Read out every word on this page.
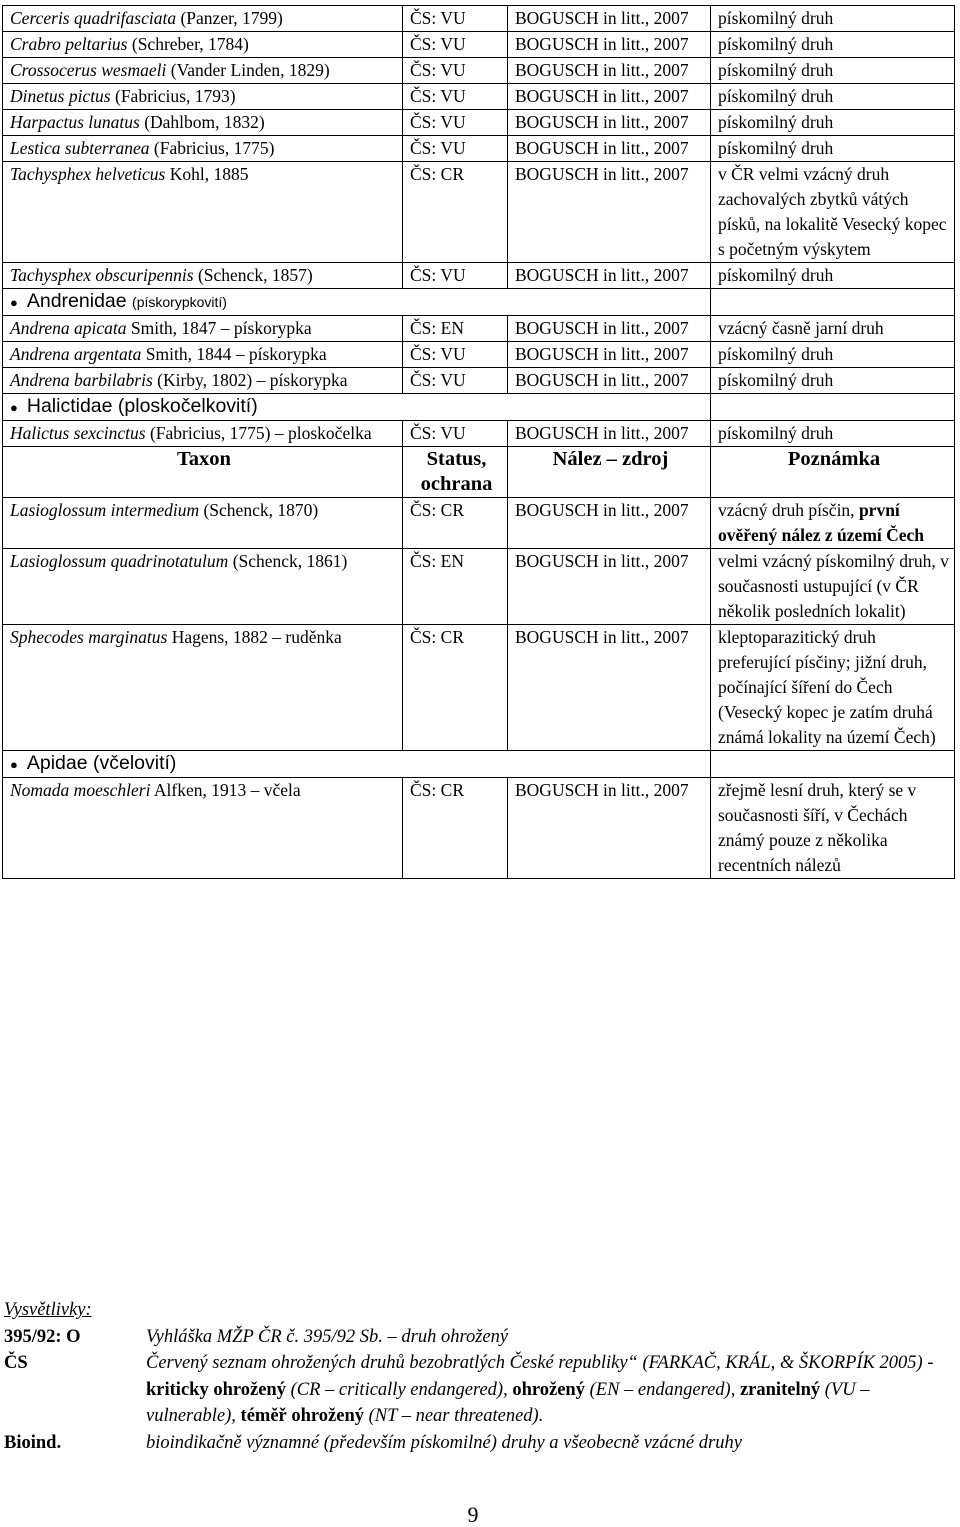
Cerceris quadrifasciata (Panzer, 1799)	ČS: VU	BOGUSCH in litt., 2007	pískomilný druh
Crabro peltarius (Schreber, 1784)	ČS: VU	BOGUSCH in litt., 2007	pískomilný druh
Crossocerus wesmaeli (Vander Linden, 1829)	ČS: VU	BOGUSCH in litt., 2007	pískomilný druh
Dinetus pictus (Fabricius, 1793)	ČS: VU	BOGUSCH in litt., 2007	pískomilný druh
Harpactus lunatus (Dahlbom, 1832)	ČS: VU	BOGUSCH in litt., 2007	pískomilný druh
Lestica subterranea (Fabricius, 1775)	ČS: VU	BOGUSCH in litt., 2007	pískomilný druh
Tachysphex helveticus Kohl, 1885	ČS: CR	BOGUSCH in litt., 2007	v ČR velmi vzácný druh zachovalých zbytků vátých písků, na lokalitě Vesecký kopec s početným výskytem
Tachysphex obscuripennis (Schenck, 1857)	ČS: VU	BOGUSCH in litt., 2007	pískomilný druh
● Andrenidae (pískorypkovití)			
Andrena apicata Smith, 1847 – pískorypka	ČS: EN	BOGUSCH in litt., 2007	vzácný časně jarní druh
Andrena argentata Smith, 1844 – pískorypka	ČS: VU	BOGUSCH in litt., 2007	pískomilný druh
Andrena barbilabris (Kirby, 1802) – pískorypka	ČS: VU	BOGUSCH in litt., 2007	pískomilný druh
● Halictidae (ploskočelkovití)			
Halictus sexcinctus (Fabricius, 1775) – ploskočelka	ČS: VU	BOGUSCH in litt., 2007	pískomilný druh
Taxon	Status, ochrana	Nález – zdroj	Poznámka
Lasioglossum intermedium (Schenck, 1870)	ČS: CR	BOGUSCH in litt., 2007	vzácný druh písčin, první ověřený nález z území Čech
Lasioglossum quadrinotatulum (Schenck, 1861)	ČS: EN	BOGUSCH in litt., 2007	velmi vzácný pískomilný druh, v současnosti ustupující (v ČR několik posledních lokalit)
Sphecodes marginatus Hagens, 1882 – ruděnka	ČS: CR	BOGUSCH in litt., 2007	kleptoparazitický druh preferující písčiny; jižní druh, počínající šíření do Čech (Vesecký kopec je zatím druhá známá lokality na území Čech)
● Apidae (včelovití)			
Nomada moeschleri Alfken, 1913 – včela	ČS: CR	BOGUSCH in litt., 2007	zřejmě lesní druh, který se v současnosti šíří, v Čechách známý pouze z několika recentních nálezů
Vysvětlivky:
395/92: O	Vyhláška MŽP ČR č. 395/92 Sb. – druh ohrožený
ČS	Červený seznam ohrožených druhů bezobratlých České republiky“ (FARKAČ, KRÁL, & ŠKORPÍK 2005) - kriticky ohrožený (CR – critically endangered), ohrožený (EN – endangered), zranitelný (VU – vulnerable), téměř ohrožený (NT – near threatened).
Bioind.	bioindikačně významné (především pískomilné) druhy a všeobecně vzácné druhy
9
